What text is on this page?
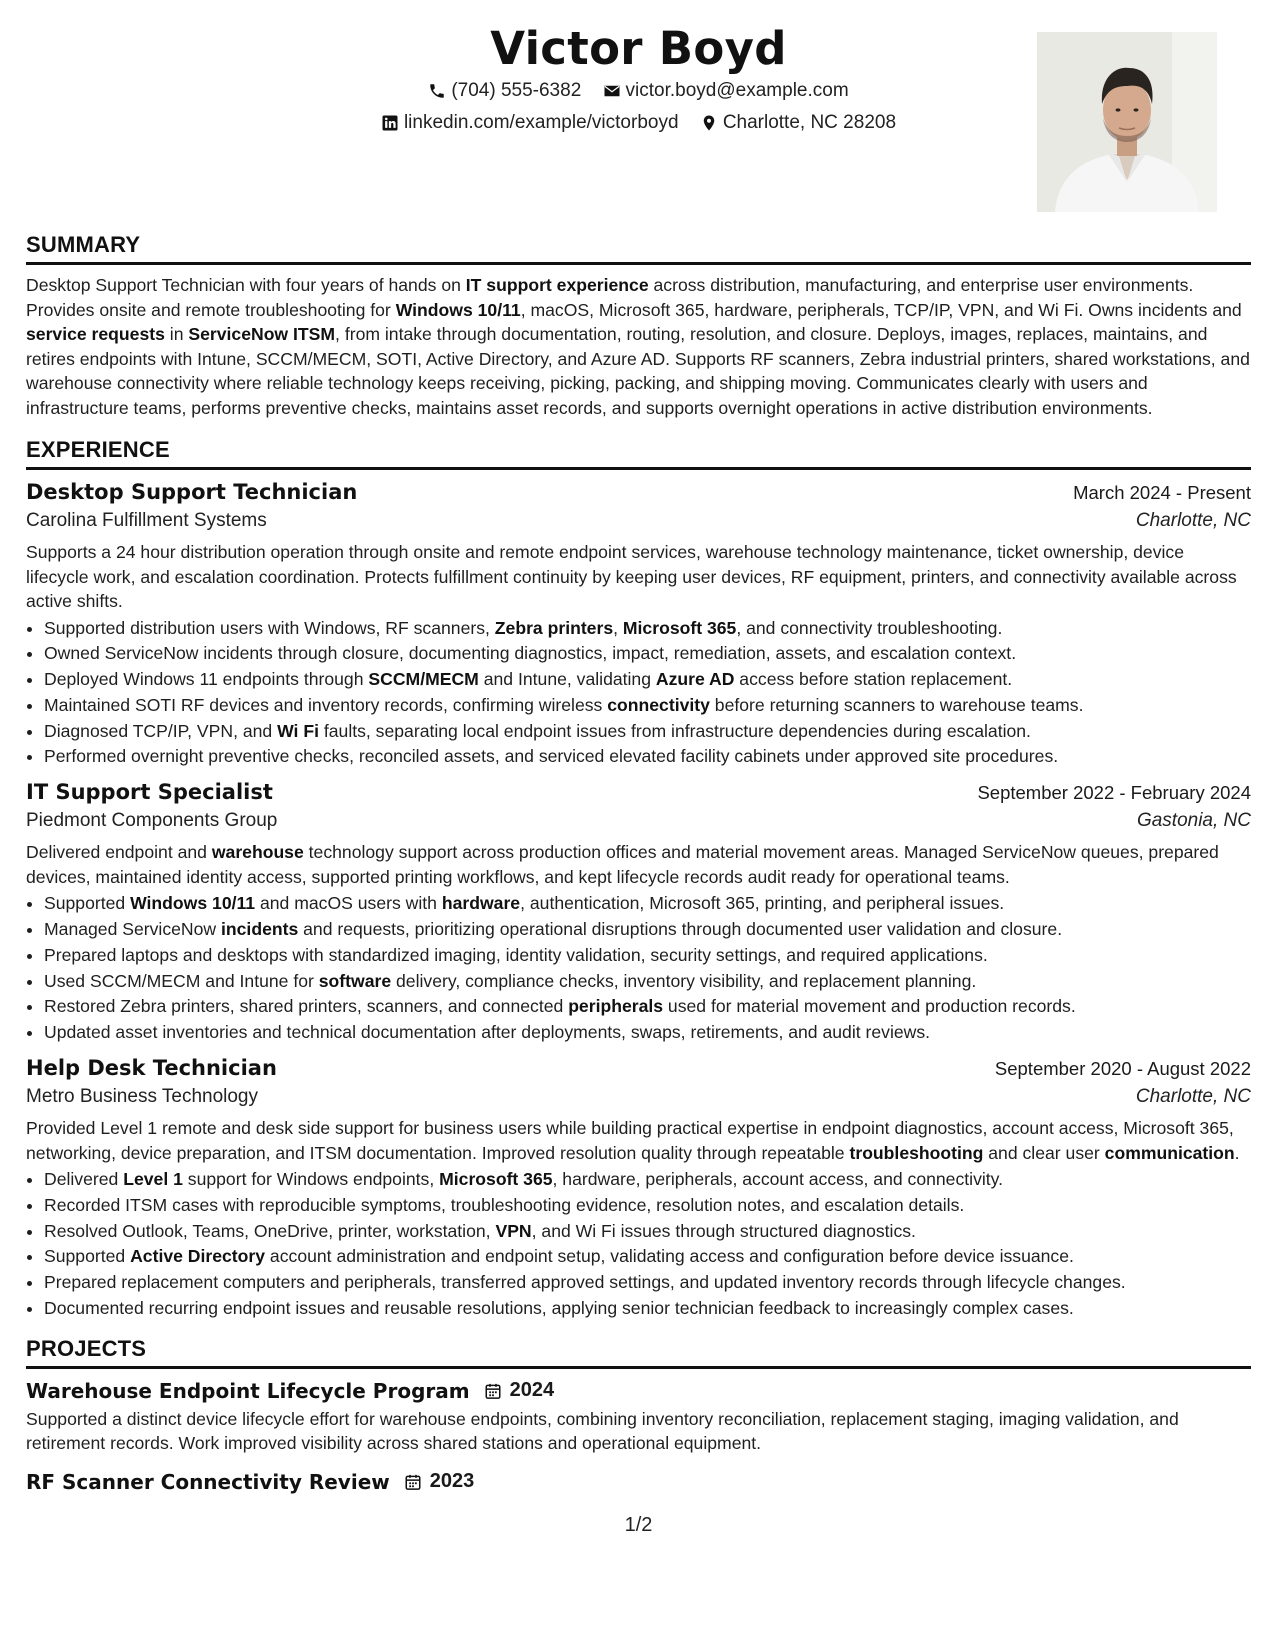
Victor Boyd
(704) 555-6382
victor.boyd@example.com
linkedin.com/example/victorboyd
Charlotte, NC 28208
SUMMARY

Desktop Support Technician with four years of hands on IT support experience across distribution, manufacturing, and enterprise user environments. Provides onsite and remote troubleshooting for Windows 10/11, macOS, Microsoft 365, hardware, peripherals, TCP/IP, VPN, and Wi Fi. Owns incidents and service requests in ServiceNow ITSM, from intake through documentation, routing, resolution, and closure. Deploys, images, replaces, maintains, and retires endpoints with Intune, SCCM/MECM, SOTI, Active Directory, and Azure AD. Supports RF scanners, Zebra industrial printers, shared workstations, and warehouse connectivity where reliable technology keeps receiving, picking, packing, and shipping moving. Communicates clearly with users and infrastructure teams, performs preventive checks, maintains asset records, and supports overnight operations in active distribution environments.

EXPERIENCE
Desktop Support Technician	March 2024 - Present
Carolina Fulfillment Systems	Charlotte, NC

Supports a 24 hour distribution operation through onsite and remote endpoint services, warehouse technology maintenance, ticket ownership, device lifecycle work, and escalation coordination. Protects fulfillment continuity by keeping user devices, RF equipment, printers, and connectivity available across active shifts.

• Supported distribution users with Windows, RF scanners, Zebra printers, Microsoft 365, and connectivity troubleshooting.
• Owned ServiceNow incidents through closure, documenting diagnostics, impact, remediation, assets, and escalation context.
• Deployed Windows 11 endpoints through SCCM/MECM and Intune, validating Azure AD access before station replacement.
• Maintained SOTI RF devices and inventory records, confirming wireless connectivity before returning scanners to warehouse teams.
• Diagnosed TCP/IP, VPN, and Wi Fi faults, separating local endpoint issues from infrastructure dependencies during escalation.
• Performed overnight preventive checks, reconciled assets, and serviced elevated facility cabinets under approved site procedures.
IT Support Specialist	September 2022 - February 2024
Piedmont Components Group	Gastonia, NC

Delivered endpoint and warehouse technology support across production offices and material movement areas. Managed ServiceNow queues, prepared devices, maintained identity access, supported printing workflows, and kept lifecycle records audit ready for operational teams.

• Supported Windows 10/11 and macOS users with hardware, authentication, Microsoft 365, printing, and peripheral issues.
• Managed ServiceNow incidents and requests, prioritizing operational disruptions through documented user validation and closure.
• Prepared laptops and desktops with standardized imaging, identity validation, security settings, and required applications.
• Used SCCM/MECM and Intune for software delivery, compliance checks, inventory visibility, and replacement planning.
• Restored Zebra printers, shared printers, scanners, and connected peripherals used for material movement and production records.
• Updated asset inventories and technical documentation after deployments, swaps, retirements, and audit reviews.
Help Desk Technician	September 2020 - August 2022
Metro Business Technology	Charlotte, NC

Provided Level 1 remote and desk side support for business users while building practical expertise in endpoint diagnostics, account access, Microsoft 365, networking, device preparation, and ITSM documentation. Improved resolution quality through repeatable troubleshooting and clear user communication.

• Delivered Level 1 support for Windows endpoints, Microsoft 365, hardware, peripherals, account access, and connectivity.
• Recorded ITSM cases with reproducible symptoms, troubleshooting evidence, resolution notes, and escalation details.
• Resolved Outlook, Teams, OneDrive, printer, workstation, VPN, and Wi Fi issues through structured diagnostics.
• Supported Active Directory account administration and endpoint setup, validating access and configuration before device issuance.
• Prepared replacement computers and peripherals, transferred approved settings, and updated inventory records through lifecycle changes.
• Documented recurring endpoint issues and reusable resolutions, applying senior technician feedback to increasingly complex cases.
PROJECTS
Warehouse Endpoint Lifecycle Program 2024

Supported a distinct device lifecycle effort for warehouse endpoints, combining inventory reconciliation, replacement staging, imaging validation, and retirement records. Work improved visibility across shared stations and operational equipment.

RF Scanner Connectivity Review 2023
1/2
